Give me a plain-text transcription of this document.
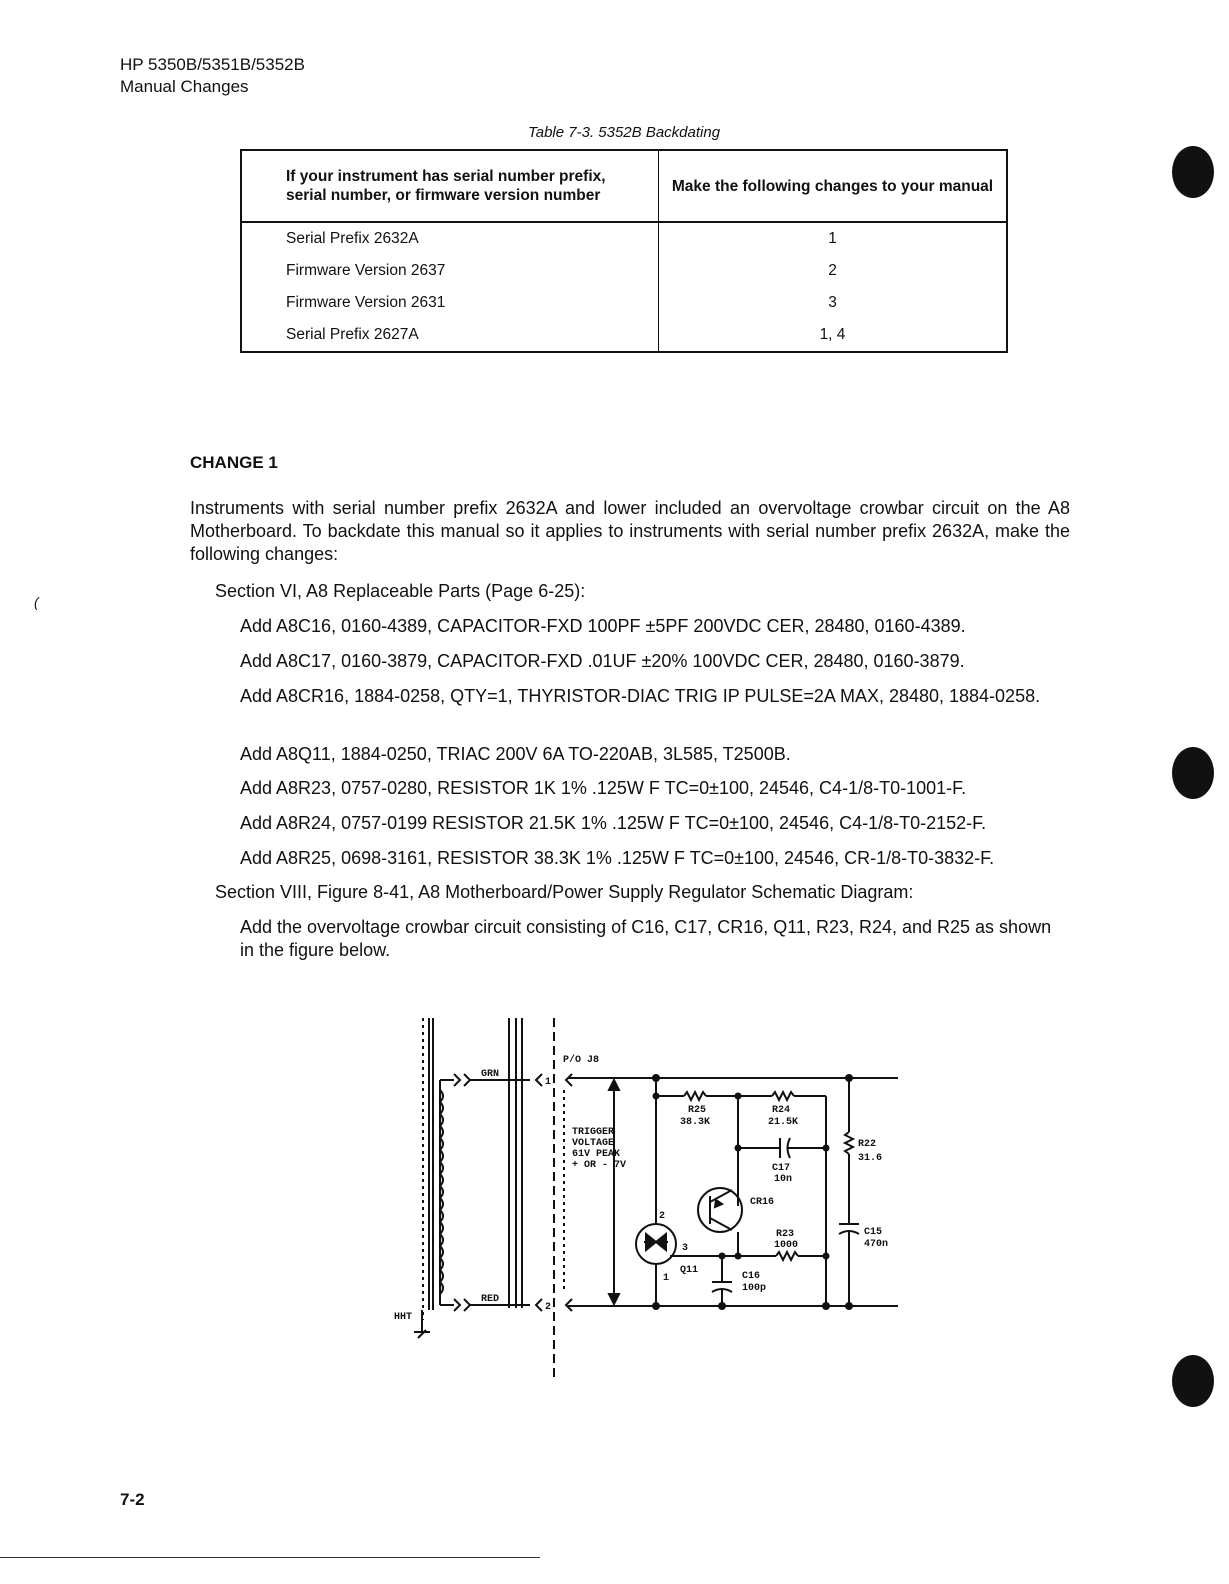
HP 5350B/5351B/5352B
Manual Changes
Table 7-3. 5352B Backdating
If your instrument has serial number prefix, serial number, or firmware version number	Make the following changes to your manual
Serial Prefix 2632A	1
Firmware Version 2637	2
Firmware Version 2631	3
Serial Prefix 2627A	1, 4
CHANGE 1
Instruments with serial number prefix 2632A and lower included an overvoltage crowbar circuit on the A8 Motherboard. To backdate this manual so it applies to instruments with serial number prefix 2632A, make the following changes:
Section VI, A8 Replaceable Parts (Page 6-25):
Add A8C16, 0160-4389, CAPACITOR-FXD 100PF ±5PF 200VDC CER, 28480, 0160-4389.
Add A8C17, 0160-3879, CAPACITOR-FXD .01UF ±20% 100VDC CER, 28480, 0160-3879.
Add A8CR16, 1884-0258, QTY=1, THYRISTOR-DIAC TRIG IP PULSE=2A MAX, 28480, 1884-0258.
Add A8Q11, 1884-0250, TRIAC 200V 6A TO-220AB, 3L585, T2500B.
Add A8R23, 0757-0280, RESISTOR 1K 1% .125W F TC=0±100, 24546, C4-1/8-T0-1001-F.
Add A8R24, 0757-0199 RESISTOR 21.5K 1% .125W F TC=0±100, 24546, C4-1/8-T0-2152-F.
Add A8R25, 0698-3161, RESISTOR 38.3K 1% .125W F TC=0±100, 24546, CR-1/8-T0-3832-F.
Section VIII, Figure 8-41, A8 Motherboard/Power Supply Regulator Schematic Diagram:
Add the overvoltage crowbar circuit consisting of C16, C17, CR16, Q11, R23, R24, and R25 as shown in the figure below.
(
P/O J8
GRN
RED
1
2
HHT
TRIGGER
VOLTAGE
61V PEAK
+ OR - 7V
R25
38.3K
R24
21.5K
C17
10n
R22
31.6
CR16
R23
1000
C15
470n
C16
100p
Q11
1
2
3
7-2
